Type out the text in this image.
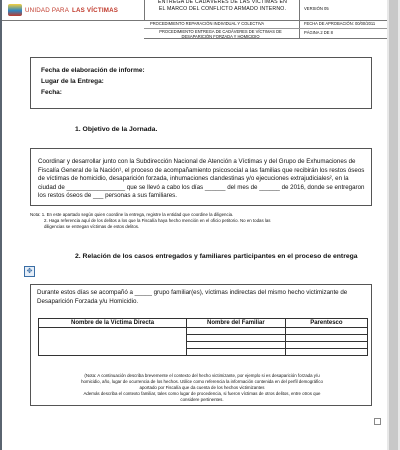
UNIDAD PARA LAS VÍCTIMAS
ENTREGA DE CADÁVERES DE LAS VÍCTIMAS EN
EL MARCO DEL CONFLICTO ARMADO INTERNO.	VERSIÓN 05
PROCEDIMIENTO REPARACIÓN INDIVIDUAL Y COLECTIVA	FECHA DE APROBACIÓN: 00/00/2011
PROCEDIMIENTO ENTREGA DE CADÁVERES DE VÍCTIMAS DE DESAPARICIÓN FORZADA Y HOMICIDIO
PÁGINA 2 DE 8
Fecha de elaboración de informe:
Lugar de la Entrega:
Fecha:
1. Objetivo de la Jornada.

Coordinar y desarrollar junto con la Subdirección Nacional de Atención a Víctimas y del Grupo de Exhumaciones de Fiscalía General de la Nación¹, el proceso de acompañamiento psicosocial a las familias que recibirán los restos óseos de víctimas de homicidio, desaparición forzada, inhumaciones clandestinas y/o ejecuciones extrajudiciales², en la ciudad de _________________ que se llevó a cabo los días ______ del mes de ______ de 2016, donde se entregaron los restos óseos de ___ personas a sus familiares.

Nota: 1. En este apartado según quien coordine la entrega, registre la entidad que coordine la diligencia.
2. Haga referencia aquí de los delitos a los que la Fiscalía haya hecho mención en el oficio petitorio. No en todas las
diligencias se entregan víctimas de estos delitos.
✥
2. Relación de los casos entregados y familiares participantes en el proceso de entrega

Durante estos días se acompañó a _____ grupo familiar(es), víctimas indirectas del mismo hecho victimizante de Desaparición Forzada y/u Homicidio.

Nombre de la Víctima Directa	Nombre del Familiar	Parentesco

(Nota: A continuación describa brevemente el contexto del hecho victimizante, por ejemplo si es desaparición forzada y/u
homicidio, año, lugar de ocurrencia de los hechos. Utilice como referencia la información contenida en del perfil demográfico
aportado por Fiscalía que da cuenta de los hechos victimizantes
Además describa el contexto familiar, tales como lugar de procedencia, si fueron víctimas de otros delitos, entre otros que
considere pertinentes.
